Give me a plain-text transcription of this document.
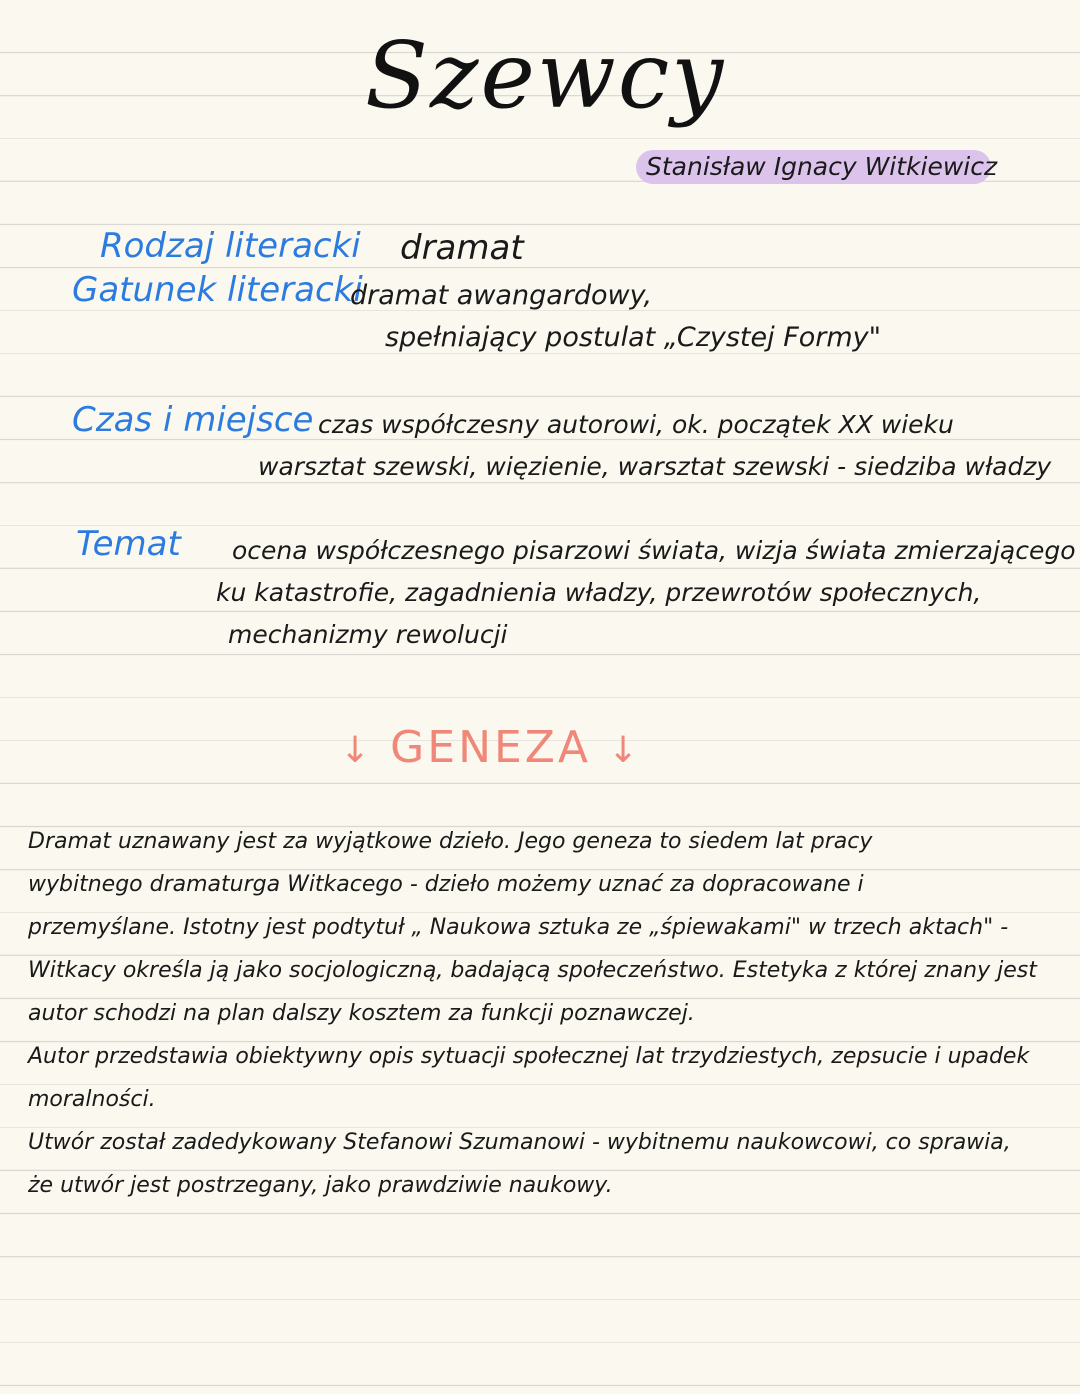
Szewcy
Stanisław Ignacy Witkiewicz
Rodzaj literacki dramat
Gatunek literacki
dramat awangardowy,
spełniający postulat „Czystej Formy"
Czas i miejsce czas współczesny autorowi, ok. początek XX wieku
warsztat szewski, więzienie, warsztat szewski - siedziba władzy
Temat ocena współczesnego pisarzowi świata, wizja świata zmierzającego
ku katastrofie, zagadnienia władzy, przewrotów społecznych,
mechanizmy rewolucji
↓ GENEZA ↓

Dramat uznawany jest za wyjątkowe dzieło. Jego geneza to siedem lat pracy

wybitnego dramaturga Witkacego - dzieło możemy uznać za dopracowane i

przemyślane. Istotny jest podtytuł „ Naukowa sztuka ze „śpiewakami" w trzech aktach" -

Witkacy określa ją jako socjologiczną, badającą społeczeństwo. Estetyka z której znany jest

autor schodzi na plan dalszy kosztem za funkcji poznawczej.

Autor przedstawia obiektywny opis sytuacji społecznej lat trzydziestych, zepsucie i upadek

moralności.

Utwór został zadedykowany Stefanowi Szumanowi - wybitnemu naukowcowi, co sprawia,

że utwór jest postrzegany, jako prawdziwie naukowy.
